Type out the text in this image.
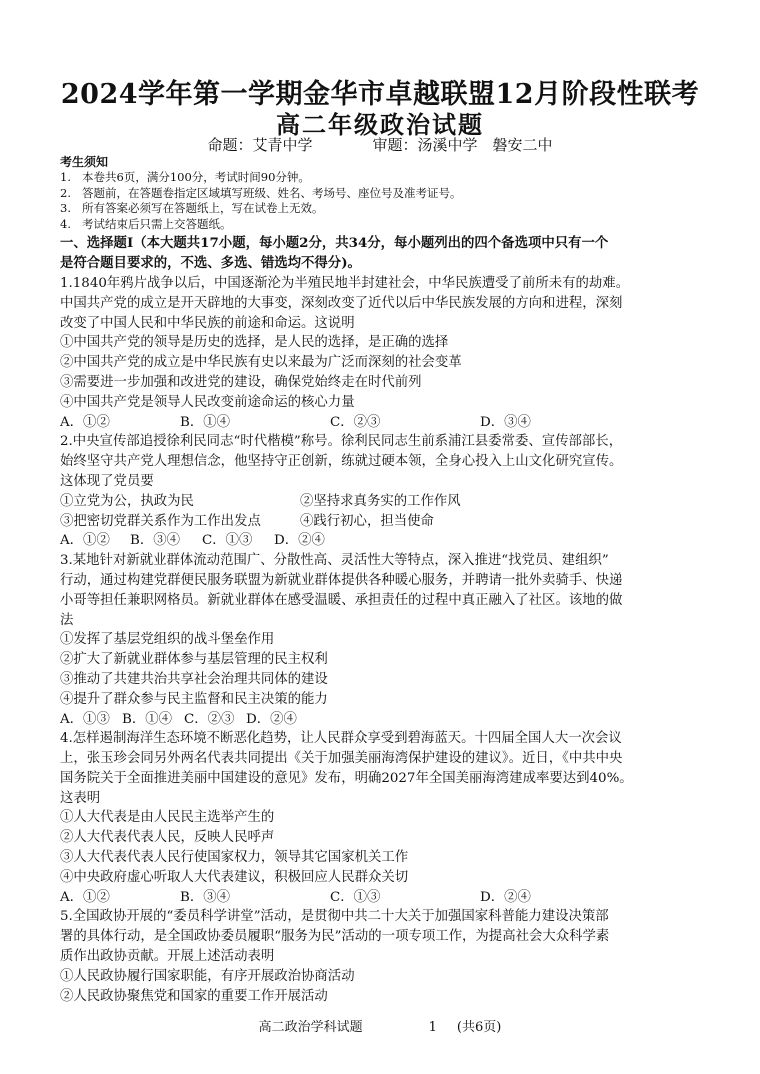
2024学年第一学期金华市卓越联盟12月阶段性联考
高二年级政治试题
命题：艾青中学	审题：汤溪中学　磐安二中
考生须知
1. 本卷共6页，满分100分，考试时间90分钟。
2. 答题前，在答题卷指定区域填写班级、姓名、考场号、座位号及准考证号。
3. 所有答案必须写在答题纸上，写在试卷上无效。
4. 考试结束后只需上交答题纸。

一、选择题Ⅰ（本大题共17小题，每小题2分，共34分，每小题列出的四个备选项中只有一个

是符合题目要求的，不选、多选、错选均不得分)。

1.1840年鸦片战争以后，中国逐渐沦为半殖民地半封建社会，中华民族遭受了前所未有的劫难。

中国共产党的成立是开天辟地的大事变，深刻改变了近代以后中华民族发展的方向和进程，深刻

改变了中国人民和中华民族的前途和命运。这说明

①中国共产党的领导是历史的选择，是人民的选择，是正确的选择

②中国共产党的成立是中华民族有史以来最为广泛而深刻的社会变革

③需要进一步加强和改进党的建设，确保党始终走在时代前列

④中国共产党是领导人民改变前途命运的核心力量

A．①②	B．①④	C．②③	D．③④

2.中央宣传部追授徐利民同志“时代楷模”称号。徐利民同志生前系浦江县委常委、宣传部部长，

始终坚守共产党人理想信念，他坚持守正创新，练就过硬本领，全身心投入上山文化研究宣传。

这体现了党员要

①立党为公，执政为民	②坚持求真务实的工作作风
③把密切党群关系作为工作出发点	④践行初心，担当使命
A．①②	B．③④	C．①③	D．②④

3.某地针对新就业群体流动范围广、分散性高、灵活性大等特点，深入推进“找党员、建组织”

行动，通过构建党群便民服务联盟为新就业群体提供各种暖心服务，并聘请一批外卖骑手、快递

小哥等担任兼职网格员。新就业群体在感受温暖、承担责任的过程中真正融入了社区。该地的做

法

①发挥了基层党组织的战斗堡垒作用

②扩大了新就业群体参与基层管理的民主权利

③推动了共建共治共享社会治理共同体的建设

④提升了群众参与民主监督和民主决策的能力

A．①③ B．①④ C．②③ D．②④

4.怎样遏制海洋生态环境不断恶化趋势，让人民群众享受到碧海蓝天。十四届全国人大一次会议

上，张玉珍会同另外两名代表共同提出《关于加强美丽海湾保护建设的建议》。近日，《中共中央

国务院关于全面推进美丽中国建设的意见》发布，明确2027年全国美丽海湾建成率要达到40%。

这表明

①人大代表是由人民民主选举产生的

②人大代表代表人民，反映人民呼声

③人大代表代表人民行使国家权力，领导其它国家机关工作

④中央政府虚心听取人大代表建议，积极回应人民群众关切

A．①②	B．③④	C．①③	D．②④

5.全国政协开展的“委员科学讲堂”活动，是贯彻中共二十大关于加强国家科普能力建设决策部

署的具体行动，是全国政协委员履职“服务为民”活动的一项专项工作，为提高社会大众科学素

质作出政协贡献。开展上述活动表明

①人民政协履行国家职能，有序开展政治协商活动

②人民政协聚焦党和国家的重要工作开展活动

高二政治学科试题	1 (共6页)
